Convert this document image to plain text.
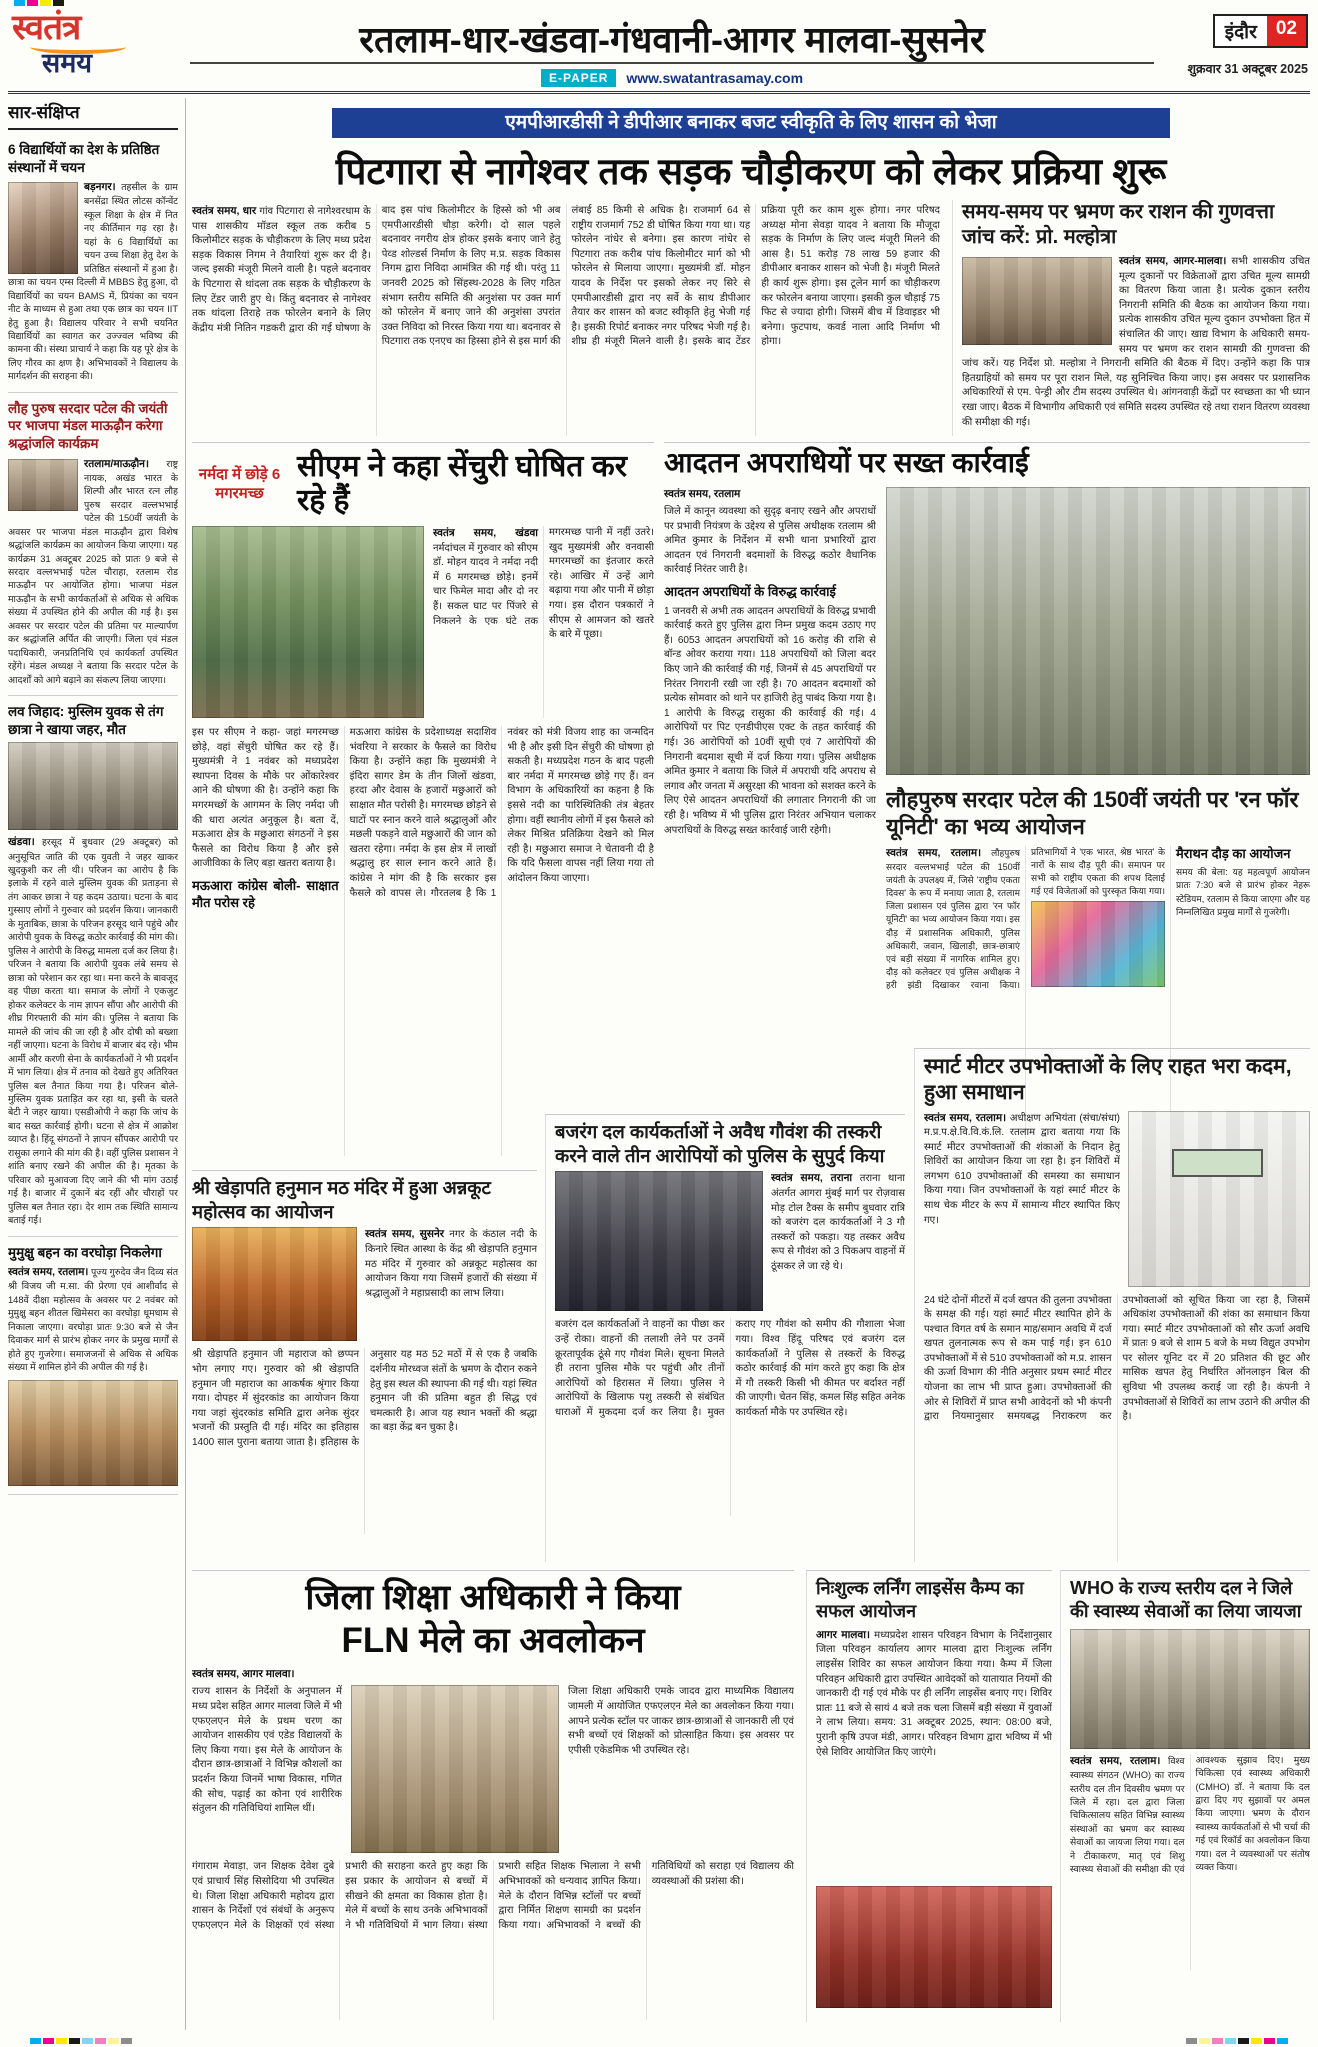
स्वतंत्र
समय
रतलाम-धार-खंडवा-गंधवानी-आगर मालवा-सुसनेर
E-PAPER	www.swatantrasamay.com
इंदौर	02
शुक्रवार 31 अक्टूबर 2025
सार-संक्षिप्त
6 विद्यार्थियों का देश के प्रतिष्ठित संस्थानों में चयन

बड़नगर। तहसील के ग्राम बनसेंद्रा स्थित लोटस कॉन्वेंट स्कूल शिक्षा के क्षेत्र में नित नए कीर्तिमान गढ़ रहा है। यहां के 6 विद्यार्थियों का चयन उच्च शिक्षा हेतु देश के प्रतिष्ठित संस्थानों में हुआ है। छात्रा का चयन एम्स दिल्ली में MBBS हेतु हुआ, दो विद्यार्थियों का चयन BAMS में, प्रियंका का चयन नीट के माध्यम से हुआ तथा एक छात्र का चयन IIT हेतु हुआ है। विद्यालय परिवार ने सभी चयनित विद्यार्थियों का स्वागत कर उज्ज्वल भविष्य की कामना की। संस्था प्राचार्य ने कहा कि यह पूरे क्षेत्र के लिए गौरव का क्षण है। अभिभावकों ने विद्यालय के मार्गदर्शन की सराहना की।

लौह पुरुष सरदार पटेल की जयंती पर भाजपा मंडल माऊढ़ौन करेगा श्रद्धांजलि कार्यक्रम

रतलाम/माऊढ़ौन। राष्ट्र नायक, अखंड भारत के शिल्पी और भारत रत्न लौह पुरुष सरदार वल्लभभाई पटेल की 150वीं जयंती के अवसर पर भाजपा मंडल माऊढ़ौन द्वारा विशेष श्रद्धांजलि कार्यक्रम का आयोजन किया जाएगा। यह कार्यक्रम 31 अक्टूबर 2025 को प्रातः 9 बजे से सरदार वल्लभभाई पटेल चौराहा, रतलाम रोड माऊढ़ौन पर आयोजित होगा। भाजपा मंडल माऊढ़ौन के सभी कार्यकर्ताओं से अधिक से अधिक संख्या में उपस्थित होने की अपील की गई है। इस अवसर पर सरदार पटेल की प्रतिमा पर माल्यार्पण कर श्रद्धांजलि अर्पित की जाएगी। जिला एवं मंडल पदाधिकारी, जनप्रतिनिधि एवं कार्यकर्ता उपस्थित रहेंगे। मंडल अध्यक्ष ने बताया कि सरदार पटेल के आदर्शों को आगे बढ़ाने का संकल्प लिया जाएगा।

लव जिहाद: मुस्लिम युवक से तंग छात्रा ने खाया जहर, मौत

खंडवा। हरसूद में बुधवार (29 अक्टूबर) को अनुसूचित जाति की एक युवती ने जहर खाकर खुदकुशी कर ली थी। परिजन का आरोप है कि इलाके में रहने वाले मुस्लिम युवक की प्रताड़ना से तंग आकर छात्रा ने यह कदम उठाया। घटना के बाद गुस्साए लोगों ने गुरुवार को प्रदर्शन किया। जानकारी के मुताबिक, छात्रा के परिजन हरसूद थाने पहुंचे और आरोपी युवक के विरुद्ध कठोर कार्रवाई की मांग की। पुलिस ने आरोपी के विरुद्ध मामला दर्ज कर लिया है। परिजन ने बताया कि आरोपी युवक लंबे समय से छात्रा को परेशान कर रहा था। मना करने के बावजूद वह पीछा करता था। समाज के लोगों ने एकजुट होकर कलेक्टर के नाम ज्ञापन सौंपा और आरोपी की शीघ्र गिरफ्तारी की मांग की। पुलिस ने बताया कि मामले की जांच की जा रही है और दोषी को बख्शा नहीं जाएगा। घटना के विरोध में बाजार बंद रहे। भीम आर्मी और करणी सेना के कार्यकर्ताओं ने भी प्रदर्शन में भाग लिया। क्षेत्र में तनाव को देखते हुए अतिरिक्त पुलिस बल तैनात किया गया है। परिजन बोले- मुस्लिम युवक प्रताड़ित कर रहा था, इसी के चलते बेटी ने जहर खाया। एसडीओपी ने कहा कि जांच के बाद सख्त कार्रवाई होगी। घटना से क्षेत्र में आक्रोश व्याप्त है। हिंदू संगठनों ने ज्ञापन सौंपकर आरोपी पर रासुका लगाने की मांग की है। वहीं पुलिस प्रशासन ने शांति बनाए रखने की अपील की है। मृतका के परिवार को मुआवजा दिए जाने की भी मांग उठाई गई है। बाजार में दुकानें बंद रहीं और चौराहों पर पुलिस बल तैनात रहा। देर शाम तक स्थिति सामान्य बताई गई।

मुमुक्षु बहन का वरघोड़ा निकलेगा

स्वतंत्र समय, रतलाम। पूज्य गुरुदेव जैन दिव्य संत श्री विजय जी म.सा. की प्रेरणा एवं आशीर्वाद से 148वें दीक्षा महोत्सव के अवसर पर 2 नवंबर को मुमुक्षु बहन शीतल खिमेसरा का वरघोड़ा धूमधाम से निकाला जाएगा। वरघोड़ा प्रातः 9:30 बजे से जैन दिवाकर मार्ग से प्रारंभ होकर नगर के प्रमुख मार्गों से होते हुए गुजरेगा। समाजजनों से अधिक से अधिक संख्या में शामिल होने की अपील की गई है।

एमपीआरडीसी ने डीपीआर बनाकर बजट स्वीकृति के लिए शासन को भेजा
पिटगारा से नागेश्वर तक सड़क चौड़ीकरण को लेकर प्रक्रिया शुरू

स्वतंत्र समय, धार गांव पिटगारा से नागेश्वरधाम के पास शासकीय मॉडल स्कूल तक करीब 5 किलोमीटर सड़क के चौड़ीकरण के लिए मध्य प्रदेश सड़क विकास निगम ने तैयारियां शुरू कर दी है। जल्द इसकी मंजूरी मिलने वाली है। पहले बदनावर के पिटगारा से थांदला तक सड़क के चौड़ीकरण के लिए टेंडर जारी हुए थे। किंतु बदनावर से नागेश्वर तक थांदला तिराहे तक फोरलेन बनाने के लिए केंद्रीय मंत्री नितिन गडकरी द्वारा की गई घोषणा के बाद इस पांच किलोमीटर के हिस्से को भी अब एमपीआरडीसी चौड़ा करेगी। दो साल पहले बदनावर नगरीय क्षेत्र होकर इसके बनाए जाने हेतु पेव्ड शोल्डर्स निर्माण के लिए म.प्र. सड़क विकास निगम द्वारा निविदा आमंत्रित की गई थी। परंतु 11 जनवरी 2025 को सिंहस्थ-2028 के लिए गठित संभाग स्तरीय समिति की अनुशंसा पर उक्त मार्ग को फोरलेन में बनाए जाने की अनुशंसा उपरांत उक्त निविदा को निरस्त किया गया था। बदनावर से पिटगारा तक एनएच का हिस्सा होने से इस मार्ग की लंबाई 85 किमी से अधिक है। राजमार्ग 64 से राष्ट्रीय राजमार्ग 752 डी घोषित किया गया था। यह फोरलेन नांधेर से बनेगा। इस कारण नांधेर से पिटगारा तक करीब पांच किलोमीटर मार्ग को भी फोरलेन से मिलाया जाएगा। मुख्यमंत्री डॉ. मोहन यादव के निर्देश पर इसको लेकर नए सिरे से एमपीआरडीसी द्वारा नए सर्वे के साथ डीपीआर तैयार कर शासन को बजट स्वीकृति हेतु भेजी गई है। इसकी रिपोर्ट बनाकर नगर परिषद भेजी गई है। शीघ्र ही मंजूरी मिलने वाली है। इसके बाद टेंडर प्रक्रिया पूरी कर काम शुरू होगा। नगर परिषद अध्यक्ष मोना सेवड़ा यादव ने बताया कि मौजूदा सड़क के निर्माण के लिए जल्द मंजूरी मिलने की आस है। 51 करोड़ 78 लाख 59 हजार की डीपीआर बनाकर शासन को भेजी है। मंजूरी मिलते ही कार्य शुरू होगा। इस टूलेन मार्ग का चौड़ीकरण कर फोरलेन बनाया जाएगा। इसकी कुल चौड़ाई 75 फिट से ज्यादा होगी। जिसमें बीच में डिवाइडर भी बनेगा। फुटपाथ, कवर्ड नाला आदि निर्माण भी होगा।

समय-समय पर भ्रमण कर राशन की गुणवत्ता जांच करें: प्रो. मल्होत्रा

स्वतंत्र समय, आगर-मालवा। सभी शासकीय उचित मूल्य दुकानों पर विक्रेताओं द्वारा उचित मूल्य सामग्री का वितरण किया जाता है। प्रत्येक दुकान स्तरीय निगरानी समिति की बैठक का आयोजन किया गया। प्रत्येक शासकीय उचित मूल्य दुकान उपभोक्ता हित में संचालित की जाए। खाद्य विभाग के अधिकारी समय-समय पर भ्रमण कर राशन सामग्री की गुणवत्ता की जांच करें। यह निर्देश प्रो. मल्होत्रा ने निगरानी समिति की बैठक में दिए। उन्होंने कहा कि पात्र हितग्राहियों को समय पर पूरा राशन मिले, यह सुनिश्चित किया जाए। इस अवसर पर प्रशासनिक अधिकारियों से एम. पेन्ड्री और टीम सदस्य उपस्थित थे। आंगनवाड़ी केंद्रों पर स्वच्छता का भी ध्यान रखा जाए। बैठक में विभागीय अधिकारी एवं समिति सदस्य उपस्थित रहे तथा राशन वितरण व्यवस्था की समीक्षा की गई।

नर्मदा में छोड़े 6 मगरमच्छ
सीएम ने कहा सेंचुरी घोषित कर रहे हैं

स्वतंत्र समय, खंडवा नर्मदांचल में गुरुवार को सीएम डॉ. मोहन यादव ने नर्मदा नदी में 6 मगरमच्छ छोड़े। इनमें चार फिमेल मादा और दो नर हैं। सकल घाट पर पिंजरे से निकलने के एक घंटे तक मगरमच्छ पानी में नहीं उतरे। खुद मुख्यमंत्री और वनवासी मगरमच्छों का इंतजार करते रहे। आखिर में उन्हें आगे बढ़ाया गया और पानी में छोड़ा गया। इस दौरान पत्रकारों ने सीएम से आमजन को खतरे के बारे में पूछा।

इस पर सीएम ने कहा- जहां मगरमच्छ छोड़े, वहां सेंचुरी घोषित कर रहे हैं। मुख्यमंत्री ने 1 नवंबर को मध्यप्रदेश स्थापना दिवस के मौके पर ओंकारेश्वर आने की घोषणा की है। उन्होंने कहा कि मगरमच्छों के आगमन के लिए नर्मदा जी की धारा अत्यंत अनुकूल है। बता दें, मऊआरा क्षेत्र के मछुआरा संगठनों ने इस फैसले का विरोध किया है और इसे आजीविका के लिए बड़ा खतरा बताया है।
मऊआरा कांग्रेस बोली- साक्षात मौत परोस रहे
मऊआरा कांग्रेस के प्रदेशाध्यक्ष सदाशिव भंवरिया ने सरकार के फैसले का विरोध किया है। उन्होंने कहा कि मुख्यमंत्री ने इंदिरा सागर डेम के तीन जिलों खंडवा, हरदा और देवास के हजारों मछुआरों को साक्षात मौत परोसी है। मगरमच्छ छोड़ने से घाटों पर स्नान करने वाले श्रद्धालुओं और मछली पकड़ने वाले मछुआरों की जान को खतरा रहेगा। नर्मदा के इस क्षेत्र में लाखों श्रद्धालु हर साल स्नान करने आते हैं। कांग्रेस ने मांग की है कि सरकार इस फैसले को वापस ले। गौरतलब है कि 1 नवंबर को मंत्री विजय शाह का जन्मदिन भी है और इसी दिन सेंचुरी की घोषणा हो सकती है। मध्यप्रदेश गठन के बाद पहली बार नर्मदा में मगरमच्छ छोड़े गए हैं। वन विभाग के अधिकारियों का कहना है कि इससे नदी का पारिस्थितिकी तंत्र बेहतर होगा। वहीं स्थानीय लोगों में इस फैसले को लेकर मिश्रित प्रतिक्रिया देखने को मिल रही है। मछुआरा समाज ने चेतावनी दी है कि यदि फैसला वापस नहीं लिया गया तो आंदोलन किया जाएगा।

आदतन अपराधियों पर सख्त कार्रवाई
स्वतंत्र समय, रतलाम

जिले में कानून व्यवस्था को सुदृढ़ बनाए रखने और अपराधों पर प्रभावी नियंत्रण के उद्देश्य से पुलिस अधीक्षक रतलाम श्री अमित कुमार के निर्देशन में सभी थाना प्रभारियों द्वारा आदतन एवं निगरानी बदमाशों के विरुद्ध कठोर वैधानिक कार्रवाई निरंतर जारी है।
आदतन अपराधियों के विरुद्ध कार्रवाई
1 जनवरी से अभी तक आदतन अपराधियों के विरुद्ध प्रभावी कार्रवाई करते हुए पुलिस द्वारा निम्न प्रमुख कदम उठाए गए हैं। 6053 आदतन अपराधियों को 16 करोड़ की राशि से बॉन्ड ओवर कराया गया। 118 अपराधियों को जिला बदर किए जाने की कार्रवाई की गई, जिनमें से 45 अपराधियों पर निरंतर निगरानी रखी जा रही है। 70 आदतन बदमाशों को प्रत्येक सोमवार को थाने पर हाजिरी हेतु पाबंद किया गया है। 1 आरोपी के विरुद्ध रासुका की कार्रवाई की गई। 4 आरोपियों पर पिट एनडीपीएस एक्ट के तहत कार्रवाई की गई। 36 आरोपियों को 10वीं सूची एवं 7 आरोपियों की निगरानी बदमाश सूची में दर्ज किया गया। पुलिस अधीक्षक अमित कुमार ने बताया कि जिले में अपराधी यदि अपराध से लगाव और जनता में असुरक्षा की भावना को सशक्त करने के लिए ऐसे आदतन अपराधियों की लगातार निगरानी की जा रही है। भविष्य में भी पुलिस द्वारा निरंतर अभियान चलाकर अपराधियों के विरुद्ध सख्त कार्रवाई जारी रहेगी।

लौहपुरुष सरदार पटेल की 150वीं जयंती पर 'रन फॉर यूनिटी' का भव्य आयोजन

स्वतंत्र समय, रतलाम। लौहपुरुष सरदार वल्लभभाई पटेल की 150वीं जयंती के उपलक्ष्य में, जिसे 'राष्ट्रीय एकता दिवस' के रूप में मनाया जाता है, रतलाम जिला प्रशासन एवं पुलिस द्वारा 'रन फॉर यूनिटी' का भव्य आयोजन किया गया। इस दौड़ में प्रशासनिक अधिकारी, पुलिस अधिकारी, जवान, खिलाड़ी, छात्र-छात्राएं एवं बड़ी संख्या में नागरिक शामिल हुए। दौड़ को कलेक्टर एवं पुलिस अधीक्षक ने हरी झंडी दिखाकर रवाना किया। प्रतिभागियों ने 'एक भारत, श्रेष्ठ भारत' के नारों के साथ दौड़ पूरी की। समापन पर सभी को राष्ट्रीय एकता की शपथ दिलाई गई एवं विजेताओं को पुरस्कृत किया गया।
मैराथन दौड़ का आयोजन
समय की बेला: यह महत्वपूर्ण आयोजन प्रातः 7:30 बजे से प्रारंभ होकर नेहरू स्टेडियम, रतलाम से किया जाएगा और यह निम्नलिखित प्रमुख मार्गों से गुजरेगी।

स्मार्ट मीटर उपभोक्ताओं के लिए राहत भरा कदम, हुआ समाधान

स्वतंत्र समय, रतलाम। अधीक्षण अभियंता (संचा/संधा) म.प्र.प.क्षे.वि.वि.कं.लि. रतलाम द्वारा बताया गया कि स्मार्ट मीटर उपभोक्ताओं की शंकाओं के निदान हेतु शिविरों का आयोजन किया जा रहा है। इन शिविरों में लगभग 610 उपभोक्ताओं की समस्या का समाधान किया गया। जिन उपभोक्ताओं के यहां स्मार्ट मीटर के साथ चेक मीटर के रूप में सामान्य मीटर स्थापित किए गए।

24 घंटे दोनों मीटरों में दर्ज खपत की तुलना उपभोक्ता के समक्ष की गई। यहां स्मार्ट मीटर स्थापित होने के पश्चात विगत वर्ष के समान माह/समान अवधि में दर्ज खपत तुलनात्मक रूप से कम पाई गई। इन 610 उपभोक्ताओं में से 510 उपभोक्ताओं को म.प्र. शासन की ऊर्जा विभाग की नीति अनुसार प्रथम स्मार्ट मीटर योजना का लाभ भी प्राप्त हुआ। उपभोक्ताओं की ओर से शिविरों में प्राप्त सभी आवेदनों को भी कंपनी द्वारा नियमानुसार समयबद्ध निराकरण कर उपभोक्ताओं को सूचित किया जा रहा है, जिसमें अधिकांश उपभोक्ताओं की शंका का समाधान किया गया। स्मार्ट मीटर उपभोक्ताओं को सौर ऊर्जा अवधि में प्रातः 9 बजे से शाम 5 बजे के मध्य विद्युत उपभोग पर सोलर यूनिट दर में 20 प्रतिशत की छूट और मासिक खपत हेतु निर्धारित ऑनलाइन बिल की सुविधा भी उपलब्ध कराई जा रही है। कंपनी ने उपभोक्ताओं से शिविरों का लाभ उठाने की अपील की है।

श्री खेड़ापति हनुमान मठ मंदिर में हुआ अन्नकूट महोत्सव का आयोजन

स्वतंत्र समय, सुसनेर नगर के कंठाल नदी के किनारे स्थित आस्था के केंद्र श्री खेड़ापति हनुमान मठ मंदिर में गुरुवार को अन्नकूट महोत्सव का आयोजन किया गया जिसमें हजारों की संख्या में श्रद्धालुओं ने महाप्रसादी का लाभ लिया।

श्री खेड़ापति हनुमान जी महाराज को छप्पन भोग लगाए गए। गुरुवार को श्री खेड़ापति हनुमान जी महाराज का आकर्षक श्रृंगार किया गया। दोपहर में सुंदरकांड का आयोजन किया गया जहां सुंदरकांड समिति द्वारा अनेक सुंदर भजनों की प्रस्तुति दी गई। मंदिर का इतिहास 1400 साल पुराना बताया जाता है। इतिहास के अनुसार यह मठ 52 मठों में से एक है जबकि दर्शनीय मोरध्वज संतों के भ्रमण के दौरान रुकने हेतु इस स्थल की स्थापना की गई थी। यहां स्थित हनुमान जी की प्रतिमा बहुत ही सिद्ध एवं चमत्कारी है। आज यह स्थान भक्तों की श्रद्धा का बड़ा केंद्र बन चुका है।

बजरंग दल कार्यकर्ताओं ने अवैध गौवंश की तस्करी करने वाले तीन आरोपियों को पुलिस के सुपुर्द किया

स्वतंत्र समय, तराना तराना थाना अंतर्गत आगरा मुंबई मार्ग पर रोज़वास मोड़ टोल टैक्स के समीप बुधवार रात्रि को बजरंग दल कार्यकर्ताओं ने 3 गौ तस्करों को पकड़ा। यह तस्कर अवैध रूप से गौवंश को 3 पिकअप वाहनों में ठूंसकर ले जा रहे थे।

बजरंग दल कार्यकर्ताओं ने वाहनों का पीछा कर उन्हें रोका। वाहनों की तलाशी लेने पर उनमें क्रूरतापूर्वक ठूंसे गए गौवंश मिले। सूचना मिलते ही तराना पुलिस मौके पर पहुंची और तीनों आरोपियों को हिरासत में लिया। पुलिस ने आरोपियों के खिलाफ पशु तस्करी से संबंधित धाराओं में मुकदमा दर्ज कर लिया है। मुक्त कराए गए गौवंश को समीप की गौशाला भेजा गया। विश्व हिंदू परिषद एवं बजरंग दल कार्यकर्ताओं ने पुलिस से तस्करों के विरुद्ध कठोर कार्रवाई की मांग करते हुए कहा कि क्षेत्र में गौ तस्करी किसी भी कीमत पर बर्दाश्त नहीं की जाएगी। चेतन सिंह, कमल सिंह सहित अनेक कार्यकर्ता मौके पर उपस्थित रहे।

जिला शिक्षा अधिकारी ने किया
FLN मेले का अवलोकन
स्वतंत्र समय, आगर मालवा।

राज्य शासन के निर्देशों के अनुपालन में मध्य प्रदेश सहित आगर मालवा जिले में भी एफएलएन मेले के प्रथम चरण का आयोजन शासकीय एवं एडेड विद्यालयों के लिए किया गया। इस मेले के आयोजन के दौरान छात्र-छात्राओं ने विभिन्न कौशलों का प्रदर्शन किया जिनमें भाषा विकास, गणित की सोच, पढ़ाई का कोना एवं शारीरिक संतुलन की गतिविधियां शामिल थीं।

जिला शिक्षा अधिकारी एमके जादव द्वारा माध्यमिक विद्यालय जामली में आयोजित एफएलएन मेले का अवलोकन किया गया। आपने प्रत्येक स्टॉल पर जाकर छात्र-छात्राओं से जानकारी ली एवं सभी बच्चों एवं शिक्षकों को प्रोत्साहित किया। इस अवसर पर एपीसी एकेडमिक भी उपस्थित रहे।

गंगाराम मेवाड़ा, जन शिक्षक देवेश दुबे एवं प्राचार्य सिंह सिसोदिया भी उपस्थित थे। जिला शिक्षा अधिकारी महोदय द्वारा शासन के निर्देशों एवं संबंधों के अनुरूप एफएलएन मेले के शिक्षकों एवं संस्था प्रभारी की सराहना करते हुए कहा कि इस प्रकार के आयोजन से बच्चों में सीखने की क्षमता का विकास होता है। मेले में बच्चों के साथ उनके अभिभावकों ने भी गतिविधियों में भाग लिया। संस्था प्रभारी सहित शिक्षक भिलाला ने सभी अभिभावकों को धन्यवाद ज्ञापित किया। मेले के दौरान विभिन्न स्टॉलों पर बच्चों द्वारा निर्मित शिक्षण सामग्री का प्रदर्शन किया गया। अभिभावकों ने बच्चों की गतिविधियों को सराहा एवं विद्यालय की व्यवस्थाओं की प्रशंसा की।

निःशुल्क लर्निंग लाइसेंस कैम्प का सफल आयोजन

आगर मालवा। मध्यप्रदेश शासन परिवहन विभाग के निर्देशानुसार जिला परिवहन कार्यालय आगर मालवा द्वारा निःशुल्क लर्निंग लाइसेंस शिविर का सफल आयोजन किया गया। कैम्प में जिला परिवहन अधिकारी द्वारा उपस्थित आवेदकों को यातायात नियमों की जानकारी दी गई एवं मौके पर ही लर्निंग लाइसेंस बनाए गए। शिविर प्रातः 11 बजे से सायं 4 बजे तक चला जिसमें बड़ी संख्या में युवाओं ने लाभ लिया। समय: 31 अक्टूबर 2025, स्थान: 08:00 बजे, पुरानी कृषि उपज मंडी, आगर। परिवहन विभाग द्वारा भविष्य में भी ऐसे शिविर आयोजित किए जाएंगे।

WHO के राज्य स्तरीय दल ने जिले की स्वास्थ्य सेवाओं का लिया जायजा

स्वतंत्र समय, रतलाम। विश्व स्वास्थ्य संगठन (WHO) का राज्य स्तरीय दल तीन दिवसीय भ्रमण पर जिले में रहा। दल द्वारा जिला चिकित्सालय सहित विभिन्न स्वास्थ्य संस्थाओं का भ्रमण कर स्वास्थ्य सेवाओं का जायजा लिया गया। दल ने टीकाकरण, मातृ एवं शिशु स्वास्थ्य सेवाओं की समीक्षा की एवं आवश्यक सुझाव दिए। मुख्य चिकित्सा एवं स्वास्थ्य अधिकारी (CMHO) डॉ. ने बताया कि दल द्वारा दिए गए सुझावों पर अमल किया जाएगा। भ्रमण के दौरान स्वास्थ्य कार्यकर्ताओं से भी चर्चा की गई एवं रिकॉर्ड का अवलोकन किया गया। दल ने व्यवस्थाओं पर संतोष व्यक्त किया।
